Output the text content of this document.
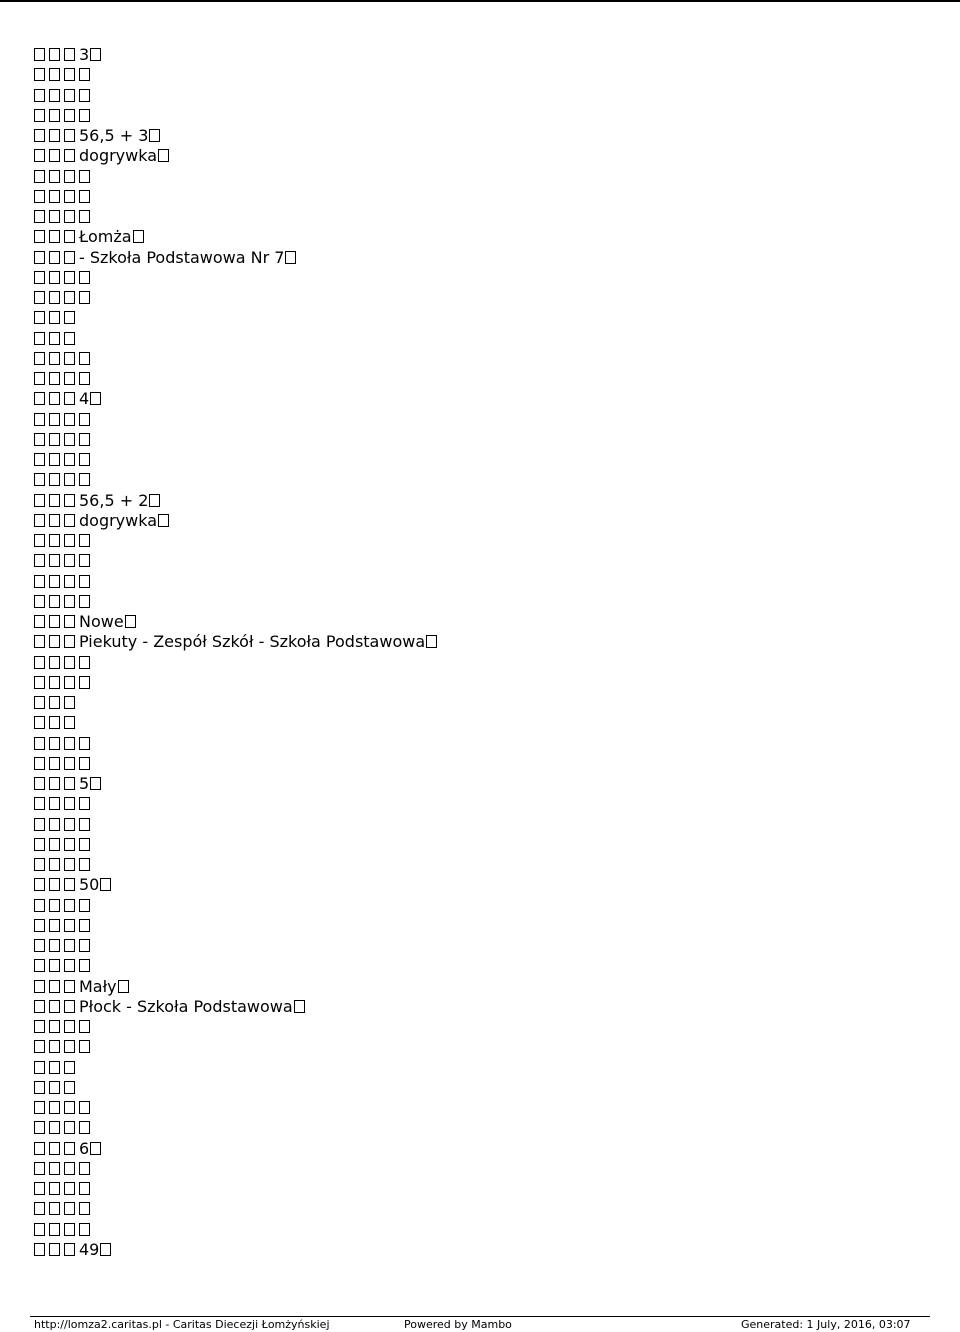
3
56,5 + 3
dogrywka
Łomża
- Szkoła Podstawowa Nr 7
4
56,5 + 2
dogrywka
Nowe
Piekuty - Zespół Szkół - Szkoła Podstawowa
5
50
Mały
Płock - Szkoła Podstawowa
6
49
http://lomza2.caritas.pl - Caritas Diecezji Łomżyńskiej	Powered by Mambo	Generated: 1 July, 2016, 03:07
